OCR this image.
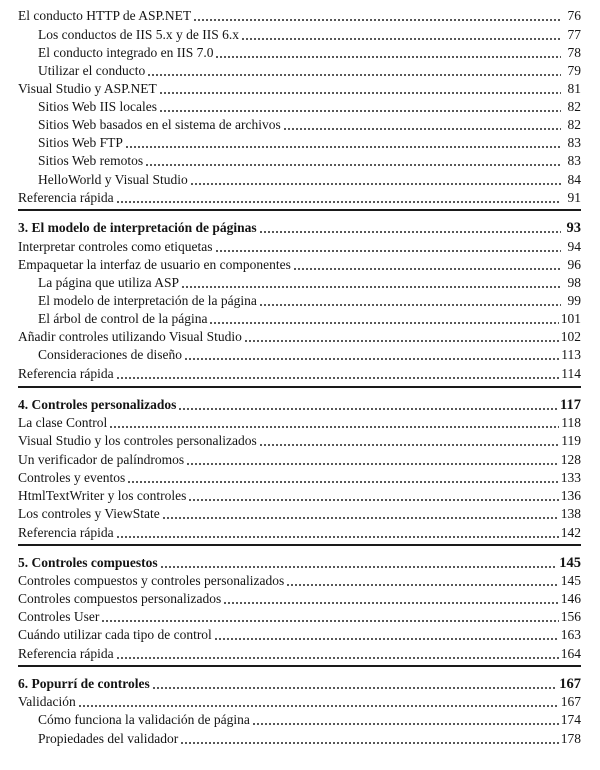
El conducto HTTP de ASP.NET	76
Los conductos de IIS 5.x y de IIS 6.x	77
El conducto integrado en IIS 7.0	78
Utilizar el conducto	79
Visual Studio y ASP.NET	81
Sitios Web IIS locales	82
Sitios Web basados en el sistema de archivos	82
Sitios Web FTP	83
Sitios Web remotos	83
HelloWorld y Visual Studio	84
Referencia rápida	91
3. El modelo de interpretación de páginas	93
Interpretar controles como etiquetas	94
Empaquetar la interfaz de usuario en componentes	96
La página que utiliza ASP	98
El modelo de interpretación de la página	99
El árbol de control de la página	101
Añadir controles utilizando Visual Studio	102
Consideraciones de diseño	113
Referencia rápida	114
4. Controles personalizados	117
La clase Control	118
Visual Studio y los controles personalizados	119
Un verificador de palíndromos	128
Controles y eventos	133
HtmlTextWriter y los controles	136
Los controles y ViewState	138
Referencia rápida	142
5. Controles compuestos	145
Controles compuestos y controles personalizados	145
Controles compuestos personalizados	146
Controles User	156
Cuándo utilizar cada tipo de control	163
Referencia rápida	164
6. Popurrí de controles	167
Validación	167
Cómo funciona la validación de página	174
Propiedades del validador	178
